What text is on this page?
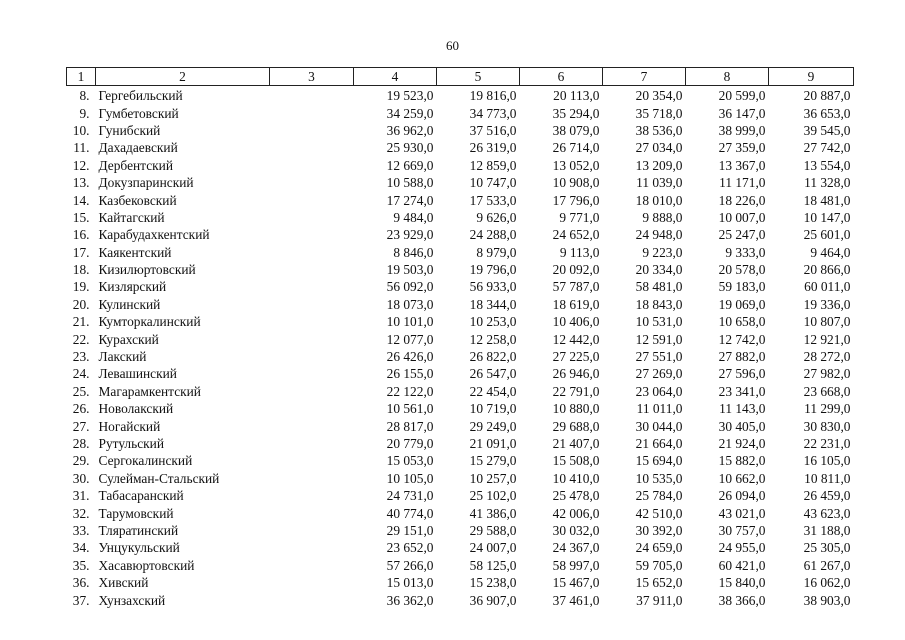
60
1	2	3	4	5	6	7	8	9
8.	Гергебильский		19 523,0	19 816,0	20 113,0	20 354,0	20 599,0	20 887,0
9.	Гумбетовский		34 259,0	34 773,0	35 294,0	35 718,0	36 147,0	36 653,0
10.	Гунибский		36 962,0	37 516,0	38 079,0	38 536,0	38 999,0	39 545,0
11.	Дахадаевский		25 930,0	26 319,0	26 714,0	27 034,0	27 359,0	27 742,0
12.	Дербентский		12 669,0	12 859,0	13 052,0	13 209,0	13 367,0	13 554,0
13.	Докузпаринский		10 588,0	10 747,0	10 908,0	11 039,0	11 171,0	11 328,0
14.	Казбековский		17 274,0	17 533,0	17 796,0	18 010,0	18 226,0	18 481,0
15.	Кайтагский		9 484,0	9 626,0	9 771,0	9 888,0	10 007,0	10 147,0
16.	Карабудахкентский		23 929,0	24 288,0	24 652,0	24 948,0	25 247,0	25 601,0
17.	Каякентский		8 846,0	8 979,0	9 113,0	9 223,0	9 333,0	9 464,0
18.	Кизилюртовский		19 503,0	19 796,0	20 092,0	20 334,0	20 578,0	20 866,0
19.	Кизлярский		56 092,0	56 933,0	57 787,0	58 481,0	59 183,0	60 011,0
20.	Кулинский		18 073,0	18 344,0	18 619,0	18 843,0	19 069,0	19 336,0
21.	Кумторкалинский		10 101,0	10 253,0	10 406,0	10 531,0	10 658,0	10 807,0
22.	Курахский		12 077,0	12 258,0	12 442,0	12 591,0	12 742,0	12 921,0
23.	Лакский		26 426,0	26 822,0	27 225,0	27 551,0	27 882,0	28 272,0
24.	Левашинский		26 155,0	26 547,0	26 946,0	27 269,0	27 596,0	27 982,0
25.	Магарамкентский		22 122,0	22 454,0	22 791,0	23 064,0	23 341,0	23 668,0
26.	Новолакский		10 561,0	10 719,0	10 880,0	11 011,0	11 143,0	11 299,0
27.	Ногайский		28 817,0	29 249,0	29 688,0	30 044,0	30 405,0	30 830,0
28.	Рутульский		20 779,0	21 091,0	21 407,0	21 664,0	21 924,0	22 231,0
29.	Сергокалинский		15 053,0	15 279,0	15 508,0	15 694,0	15 882,0	16 105,0
30.	Сулейман-Стальский		10 105,0	10 257,0	10 410,0	10 535,0	10 662,0	10 811,0
31.	Табасаранский		24 731,0	25 102,0	25 478,0	25 784,0	26 094,0	26 459,0
32.	Тарумовский		40 774,0	41 386,0	42 006,0	42 510,0	43 021,0	43 623,0
33.	Тляратинский		29 151,0	29 588,0	30 032,0	30 392,0	30 757,0	31 188,0
34.	Унцукульский		23 652,0	24 007,0	24 367,0	24 659,0	24 955,0	25 305,0
35.	Хасавюртовский		57 266,0	58 125,0	58 997,0	59 705,0	60 421,0	61 267,0
36.	Хивский		15 013,0	15 238,0	15 467,0	15 652,0	15 840,0	16 062,0
37.	Хунзахский		36 362,0	36 907,0	37 461,0	37 911,0	38 366,0	38 903,0
